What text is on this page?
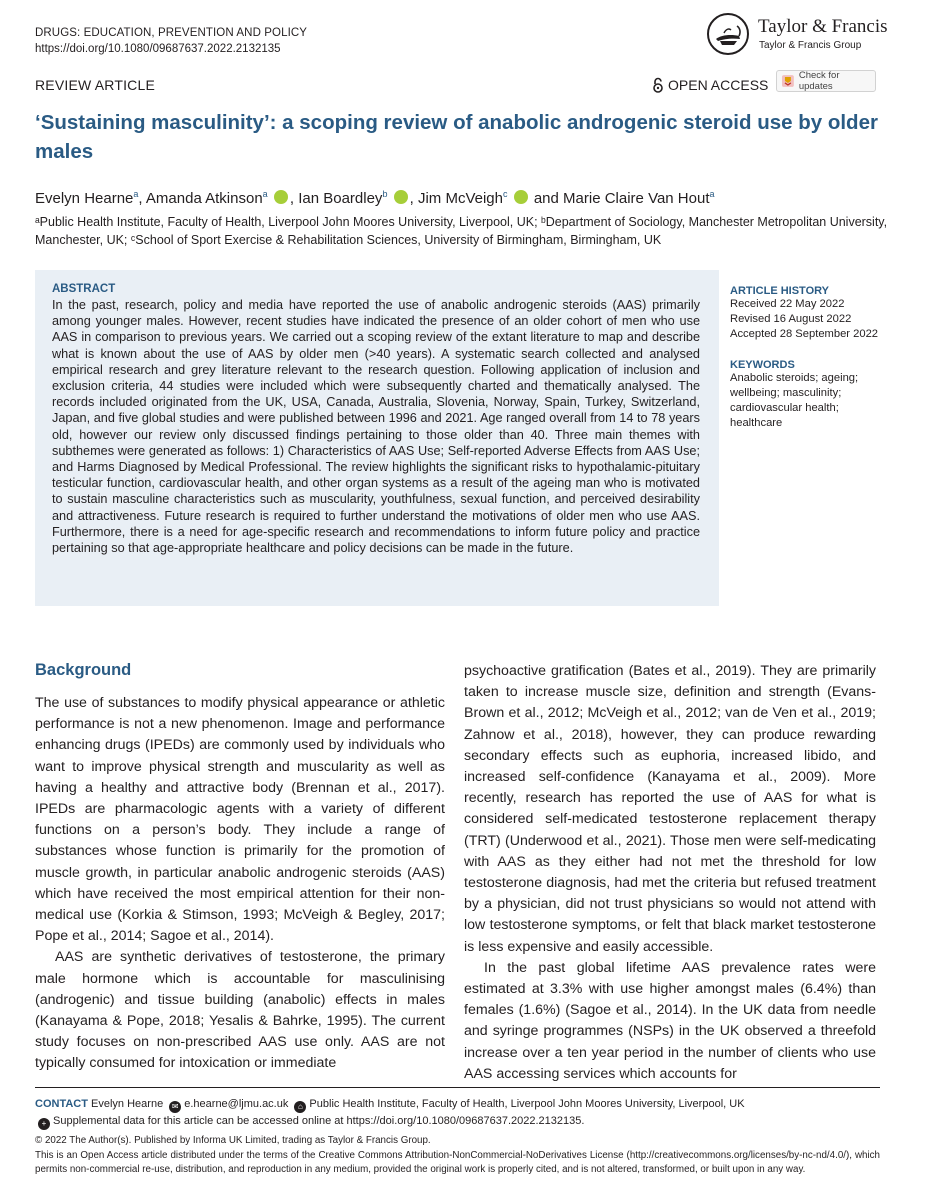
DRUGS: EDUCATION, PREVENTION AND POLICY
https://doi.org/10.1080/09687637.2022.2132135
Taylor & Francis
Taylor & Francis Group
REVIEW ARTICLE	OPEN ACCESS
Check for updates
‘Sustaining masculinity’: a scoping review of anabolic androgenic steroid use by older males
Evelyn Hearne$^a$, Amanda Atkinson$^a$ , Ian Boardley$^b$ , Jim McVeigh$^c$  and Marie Claire Van Hout$^a$
ᵃPublic Health Institute, Faculty of Health, Liverpool John Moores University, Liverpool, UK; ᵇDepartment of Sociology, Manchester Metropolitan University, Manchester, UK; ᶜSchool of Sport Exercise & Rehabilitation Sciences, University of Birmingham, Birmingham, UK
ABSTRACT
In the past, research, policy and media have reported the use of anabolic androgenic steroids (AAS) primarily among younger males. However, recent studies have indicated the presence of an older cohort of men who use AAS in comparison to previous years. We carried out a scoping review of the extant literature to map and describe what is known about the use of AAS by older men (>40 years). A systematic search collected and analysed empirical research and grey literature relevant to the research question. Following application of inclusion and exclusion criteria, 44 studies were included which were subsequently charted and thematically analysed. The records included originated from the UK, USA, Canada, Australia, Slovenia, Norway, Spain, Turkey, Switzerland, Japan, and five global studies and were published between 1996 and 2021. Age ranged overall from 14 to 78 years old, however our review only discussed findings pertaining to those older than 40. Three main themes with subthemes were generated as follows: 1) Characteristics of AAS Use; Self-reported Adverse Effects from AAS Use; and Harms Diagnosed by Medical Professional. The review highlights the significant risks to hypothalamic-pituitary testicular function, cardiovascular health, and other organ systems as a result of the ageing man who is motivated to sustain masculine characteristics such as muscularity, youthfulness, sexual function, and perceived desirability and attractiveness. Future research is required to further understand the motivations of older men who use AAS. Furthermore, there is a need for age-specific research and recommendations to inform future policy and practice pertaining so that age-appropriate healthcare and policy decisions can be made in the future.
ARTICLE HISTORY
Received 22 May 2022
Revised 16 August 2022
Accepted 28 September 2022
KEYWORDS
Anabolic steroids; ageing; wellbeing; masculinity; cardiovascular health; healthcare
Background

The use of substances to modify physical appearance or athletic performance is not a new phenomenon. Image and performance enhancing drugs (IPEDs) are commonly used by individuals who want to improve physical strength and muscularity as well as having a healthy and attractive body (Brennan et al., 2017). IPEDs are pharmacologic agents with a variety of different functions on a person’s body. They include a range of substances whose function is primarily for the promotion of muscle growth, in particular anabolic androgenic steroids (AAS) which have received the most empirical attention for their non-medical use (Korkia & Stimson, 1993; McVeigh & Begley, 2017; Pope et al., 2014; Sagoe et al., 2014).

AAS are synthetic derivatives of testosterone, the primary male hormone which is accountable for masculinising (androgenic) and tissue building (anabolic) effects in males (Kanayama & Pope, 2018; Yesalis & Bahrke, 1995). The current study focuses on non-prescribed AAS use only. AAS are not typically consumed for intoxication or immediate

psychoactive gratification (Bates et al., 2019). They are primarily taken to increase muscle size, definition and strength (Evans-Brown et al., 2012; McVeigh et al., 2012; van de Ven et al., 2019; Zahnow et al., 2018), however, they can produce rewarding secondary effects such as euphoria, increased libido, and increased self-confidence (Kanayama et al., 2009). More recently, research has reported the use of AAS for what is considered self-medicated testosterone replacement therapy (TRT) (Underwood et al., 2021). Those men were self-medicating with AAS as they either had not met the threshold for low testosterone diagnosis, had met the criteria but refused treatment by a physician, did not trust physicians so would not attend with low testosterone symptoms, or felt that black market testosterone is less expensive and easily accessible.

In the past global lifetime AAS prevalence rates were estimated at 3.3% with use higher amongst males (6.4%) than females (1.6%) (Sagoe et al., 2014). In the UK data from needle and syringe programmes (NSPs) in the UK observed a threefold increase over a ten year period in the number of clients who use AAS accessing services which accounts for

CONTACT Evelyn Hearne ✉ e.hearne@ljmu.ac.uk ⌂ Public Health Institute, Faculty of Health, Liverpool John Moores University, Liverpool, UK
+ Supplemental data for this article can be accessed online at https://doi.org/10.1080/09687637.2022.2132135.
© 2022 The Author(s). Published by Informa UK Limited, trading as Taylor & Francis Group.
This is an Open Access article distributed under the terms of the Creative Commons Attribution-NonCommercial-NoDerivatives License (http://creativecommons.org/licenses/by-nc-nd/4.0/), which permits non-commercial re-use, distribution, and reproduction in any medium, provided the original work is properly cited, and is not altered, transformed, or built upon in any way.
